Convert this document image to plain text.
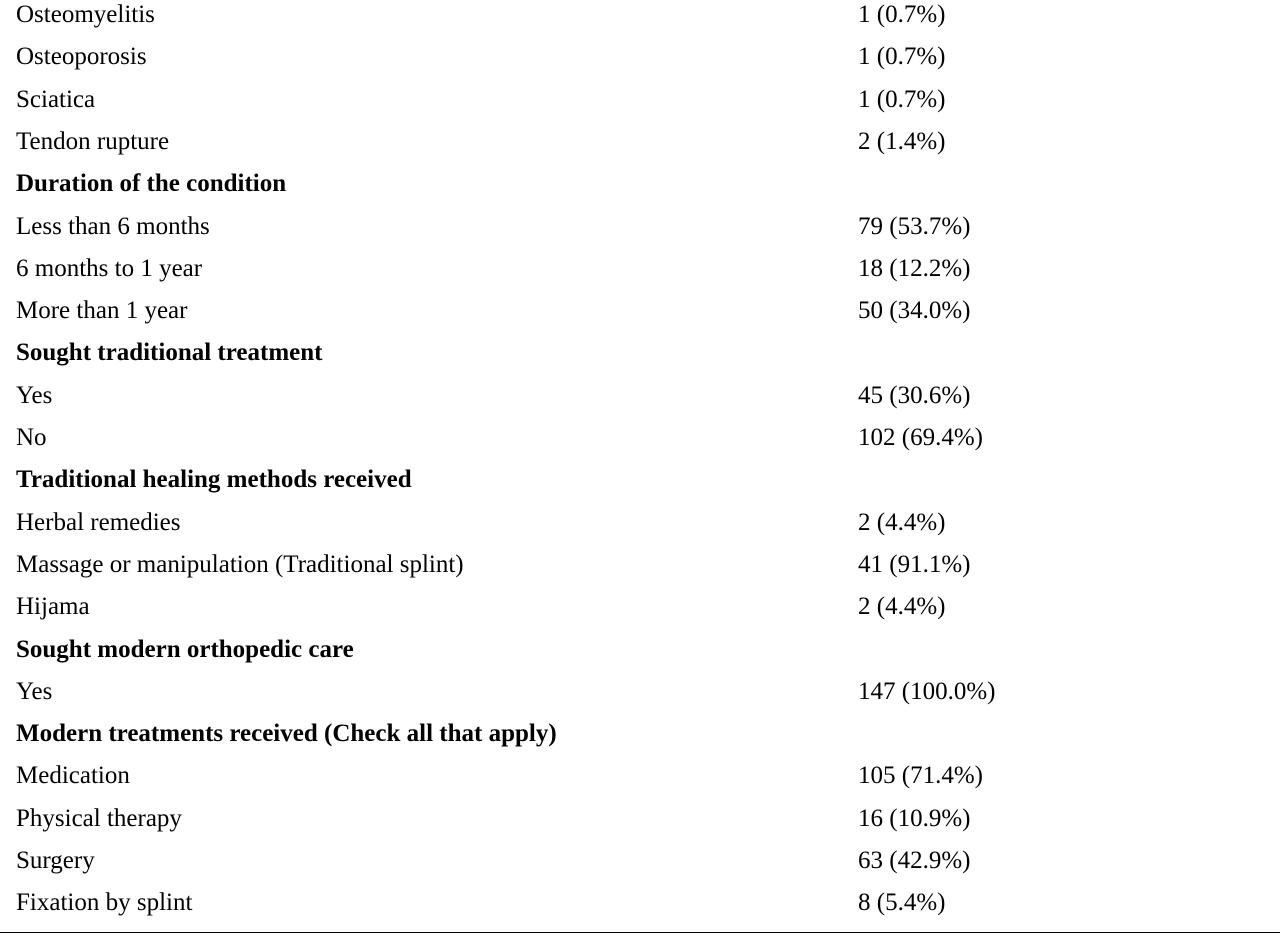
Osteomyelitis	1 (0.7%)
Osteoporosis	1 (0.7%)
Sciatica	1 (0.7%)
Tendon rupture	2 (1.4%)
Duration of the condition
Less than 6 months	79 (53.7%)
6 months to 1 year	18 (12.2%)
More than 1 year	50 (34.0%)
Sought traditional treatment
Yes	45 (30.6%)
No	102 (69.4%)
Traditional healing methods received
Herbal remedies	2 (4.4%)
Massage or manipulation (Traditional splint)	41 (91.1%)
Hijama	2 (4.4%)
Sought modern orthopedic care
Yes	147 (100.0%)
Modern treatments received (Check all that apply)
Medication	105 (71.4%)
Physical therapy	16 (10.9%)
Surgery	63 (42.9%)
Fixation by splint	8 (5.4%)
